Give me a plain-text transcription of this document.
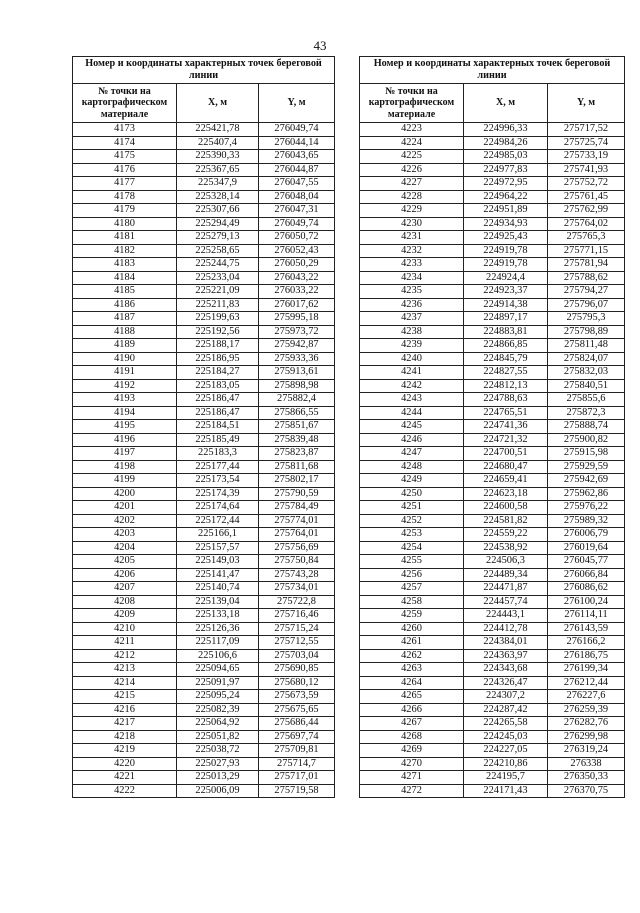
43
Номер и координаты характерных точек береговой линии		
№ точки на картографическом материале	X, м	Y, м
4173	225421,78	276049,74
4174	225407,4	276044,14
4175	225390,33	276043,65
4176	225367,65	276044,87
4177	225347,9	276047,55
4178	225328,14	276048,04
4179	225307,66	276047,31
4180	225294,49	276049,74
4181	225279,13	276050,72
4182	225258,65	276052,43
4183	225244,75	276050,29
4184	225233,04	276043,22
4185	225221,09	276033,22
4186	225211,83	276017,62
4187	225199,63	275995,18
4188	225192,56	275973,72
4189	225188,17	275942,87
4190	225186,95	275933,36
4191	225184,27	275913,61
4192	225183,05	275898,98
4193	225186,47	275882,4
4194	225186,47	275866,55
4195	225184,51	275851,67
4196	225185,49	275839,48
4197	225183,3	275823,87
4198	225177,44	275811,68
4199	225173,54	275802,17
4200	225174,39	275790,59
4201	225174,64	275784,49
4202	225172,44	275774,01
4203	225166,1	275764,01
4204	225157,57	275756,69
4205	225149,03	275750,84
4206	225141,47	275743,28
4207	225140,74	275734,01
4208	225139,04	275722,8
4209	225133,18	275716,46
4210	225126,36	275715,24
4211	225117,09	275712,55
4212	225106,6	275703,04
4213	225094,65	275690,85
4214	225091,97	275680,12
4215	225095,24	275673,59
4216	225082,39	275675,65
4217	225064,92	275686,44
4218	225051,82	275697,74
4219	225038,72	275709,81
4220	225027,93	275714,7
4221	225013,29	275717,01
4222	225006,09	275719,58
Номер и координаты характерных точек береговой линии		
№ точки на картографическом материале	X, м	Y, м
4223	224996,33	275717,52
4224	224984,26	275725,74
4225	224985,03	275733,19
4226	224977,83	275741,93
4227	224972,95	275752,72
4228	224964,22	275761,45
4229	224951,89	275762,99
4230	224934,93	275764,02
4231	224925,43	275765,3
4232	224919,78	275771,15
4233	224919,78	275781,94
4234	224924,4	275788,62
4235	224923,37	275794,27
4236	224914,38	275796,07
4237	224897,17	275795,3
4238	224883,81	275798,89
4239	224866,85	275811,48
4240	224845,79	275824,07
4241	224827,55	275832,03
4242	224812,13	275840,51
4243	224788,63	275855,6
4244	224765,51	275872,3
4245	224741,36	275888,74
4246	224721,32	275900,82
4247	224700,51	275915,98
4248	224680,47	275929,59
4249	224659,41	275942,69
4250	224623,18	275962,86
4251	224600,58	275976,22
4252	224581,82	275989,32
4253	224559,22	276006,79
4254	224538,92	276019,64
4255	224506,3	276045,77
4256	224489,34	276066,84
4257	224471,87	276086,62
4258	224457,74	276100,24
4259	224443,1	276114,11
4260	224412,78	276143,59
4261	224384,01	276166,2
4262	224363,97	276186,75
4263	224343,68	276199,34
4264	224326,47	276212,44
4265	224307,2	276227,6
4266	224287,42	276259,39
4267	224265,58	276282,76
4268	224245,03	276299,98
4269	224227,05	276319,24
4270	224210,86	276338
4271	224195,7	276350,33
4272	224171,43	276370,75
